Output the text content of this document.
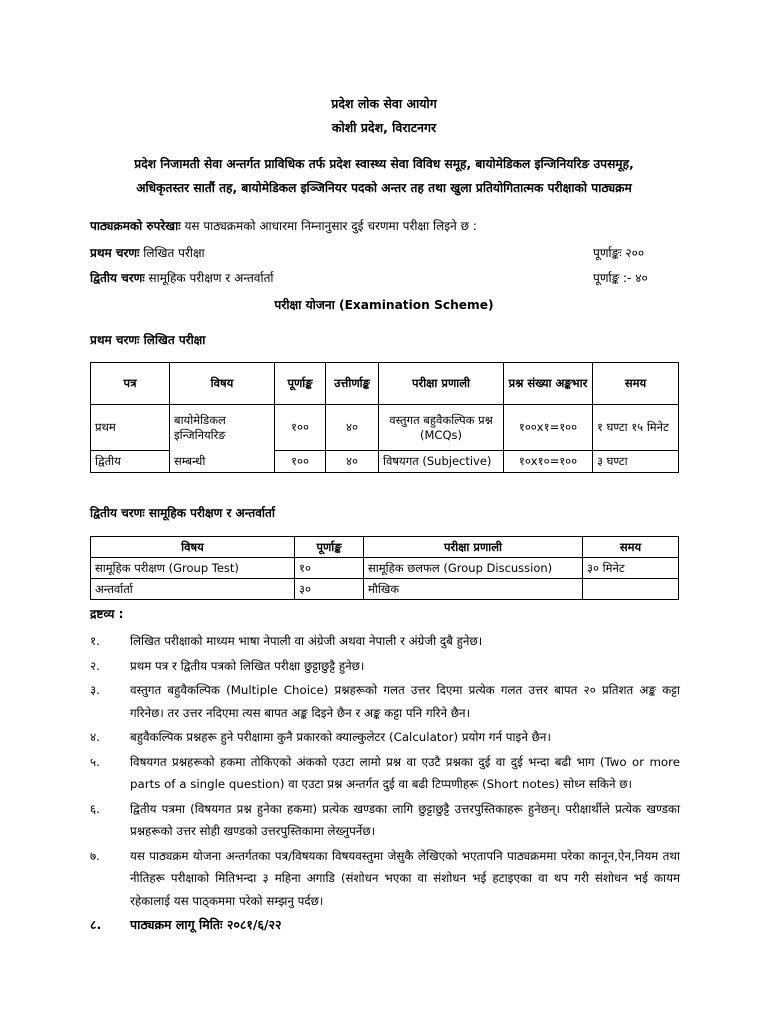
प्रदेश लोक सेवा आयोग
कोशी प्रदेश, विराटनगर
प्रदेश निजामती सेवा अन्तर्गत प्राविधिक तर्फ प्रदेश स्वास्थ्य सेवा विविध समूह, बायोमेडिकल इन्जिनियरिङ उपसमूह,
अधिकृतस्तर सातौं तह, बायोमेडिकल इञ्जिनियर पदको अन्तर तह तथा खुला प्रतियोगितात्मक परीक्षाको पाठ्यक्रम
पाठ्यक्रमको रुपरेखाः यस पाठ्यक्रमको आधारमा निम्नानुसार दुई चरणमा परीक्षा लिइने छ :
प्रथम चरणः लिखित परीक्षा	पूर्णाङ्कः २००
द्वितीय चरणः सामूहिक परीक्षण र अन्तर्वार्ता	पूर्णाङ्क :- ४०
परीक्षा योजना (Examination Scheme)
प्रथम चरणः लिखित परीक्षा
पत्र	विषय	पूर्णाङ्क	उत्तीर्णाङ्क	परीक्षा प्रणाली	प्रश्न संख्या अङ्कभार	समय
प्रथम	बायोमेडिकल इन्जिनियरिङ	१००	४०	वस्तुगत बहुवैकल्पिक प्रश्न (MCQs)	१००x१=१००	१ घण्टा १५ मिनेट
द्वितीय	सम्बन्धी	१००	४०	विषयगत (Subjective)	१०x१०=१००	३ घण्टा
द्वितीय चरणः सामूहिक परीक्षण र अन्तर्वार्ता
विषय	पूर्णाङ्क	परीक्षा प्रणाली	समय
सामूहिक परीक्षण (Group Test)	१०	सामूहिक छलफल (Group Discussion)	३० मिनेट
अन्तर्वार्ता	३०	मौखिक	
द्रष्टव्य :
१.	लिखित परीक्षाको माध्यम भाषा नेपाली वा अंग्रेजी अथवा नेपाली र अंग्रेजी दुबै हुनेछ।
२.	प्रथम पत्र र द्वितीय पत्रको लिखित परीक्षा छुट्टाछुट्टै हुनेछ।
३.	वस्तुगत बहुवैकल्पिक (Multiple Choice) प्रश्नहरूको गलत उत्तर दिएमा प्रत्येक गलत उत्तर बापत २० प्रतिशत अङ्क कट्टा गरिनेछ। तर उत्तर नदिएमा त्यस बापत अङ्क दिइने छैन र अङ्क कट्टा पनि गरिने छैन।
४.	बहुवैकल्पिक प्रश्नहरू हुने परीक्षामा कुनै प्रकारको क्याल्कुलेटर (Calculator) प्रयोग गर्न पाइने छैन।
५.	विषयगत प्रश्नहरूको हकमा तोकिएको अंकको एउटा लामो प्रश्न वा एउटै प्रश्नका दुई वा दुई भन्दा बढी भाग (Two or more parts of a single question) वा एउटा प्रश्न अन्तर्गत दुई वा बढी टिप्पणीहरू (Short notes) सोध्न सकिने छ।
६.	द्वितीय पत्रमा (विषयगत प्रश्न हुनेका हकमा) प्रत्येक खण्डका लागि छुट्टाछुट्टै उत्तरपुस्तिकाहरू हुनेछन्। परीक्षार्थीले प्रत्येक खण्डका प्रश्नहरूको उत्तर सोही खण्डको उत्तरपुस्तिकामा लेख्नुपर्नेछ।
७.	यस पाठ्यक्रम योजना अन्तर्गतका पत्र/विषयका विषयवस्तुमा जेसुकै लेखिएको भएतापनि पाठ्यक्रममा परेका कानून,ऐन,नियम तथा नीतिहरू परीक्षाको मितिभन्दा ३ महिना अगाडि (संशोधन भएका वा संशोधन भई हटाइएका वा थप गरी संशोधन भई कायम रहेकालाई यस पाठ्कममा परेको सम्झनु पर्दछ।
८. पाठ्यक्रम लागू मितिः २०८१/६/२२
